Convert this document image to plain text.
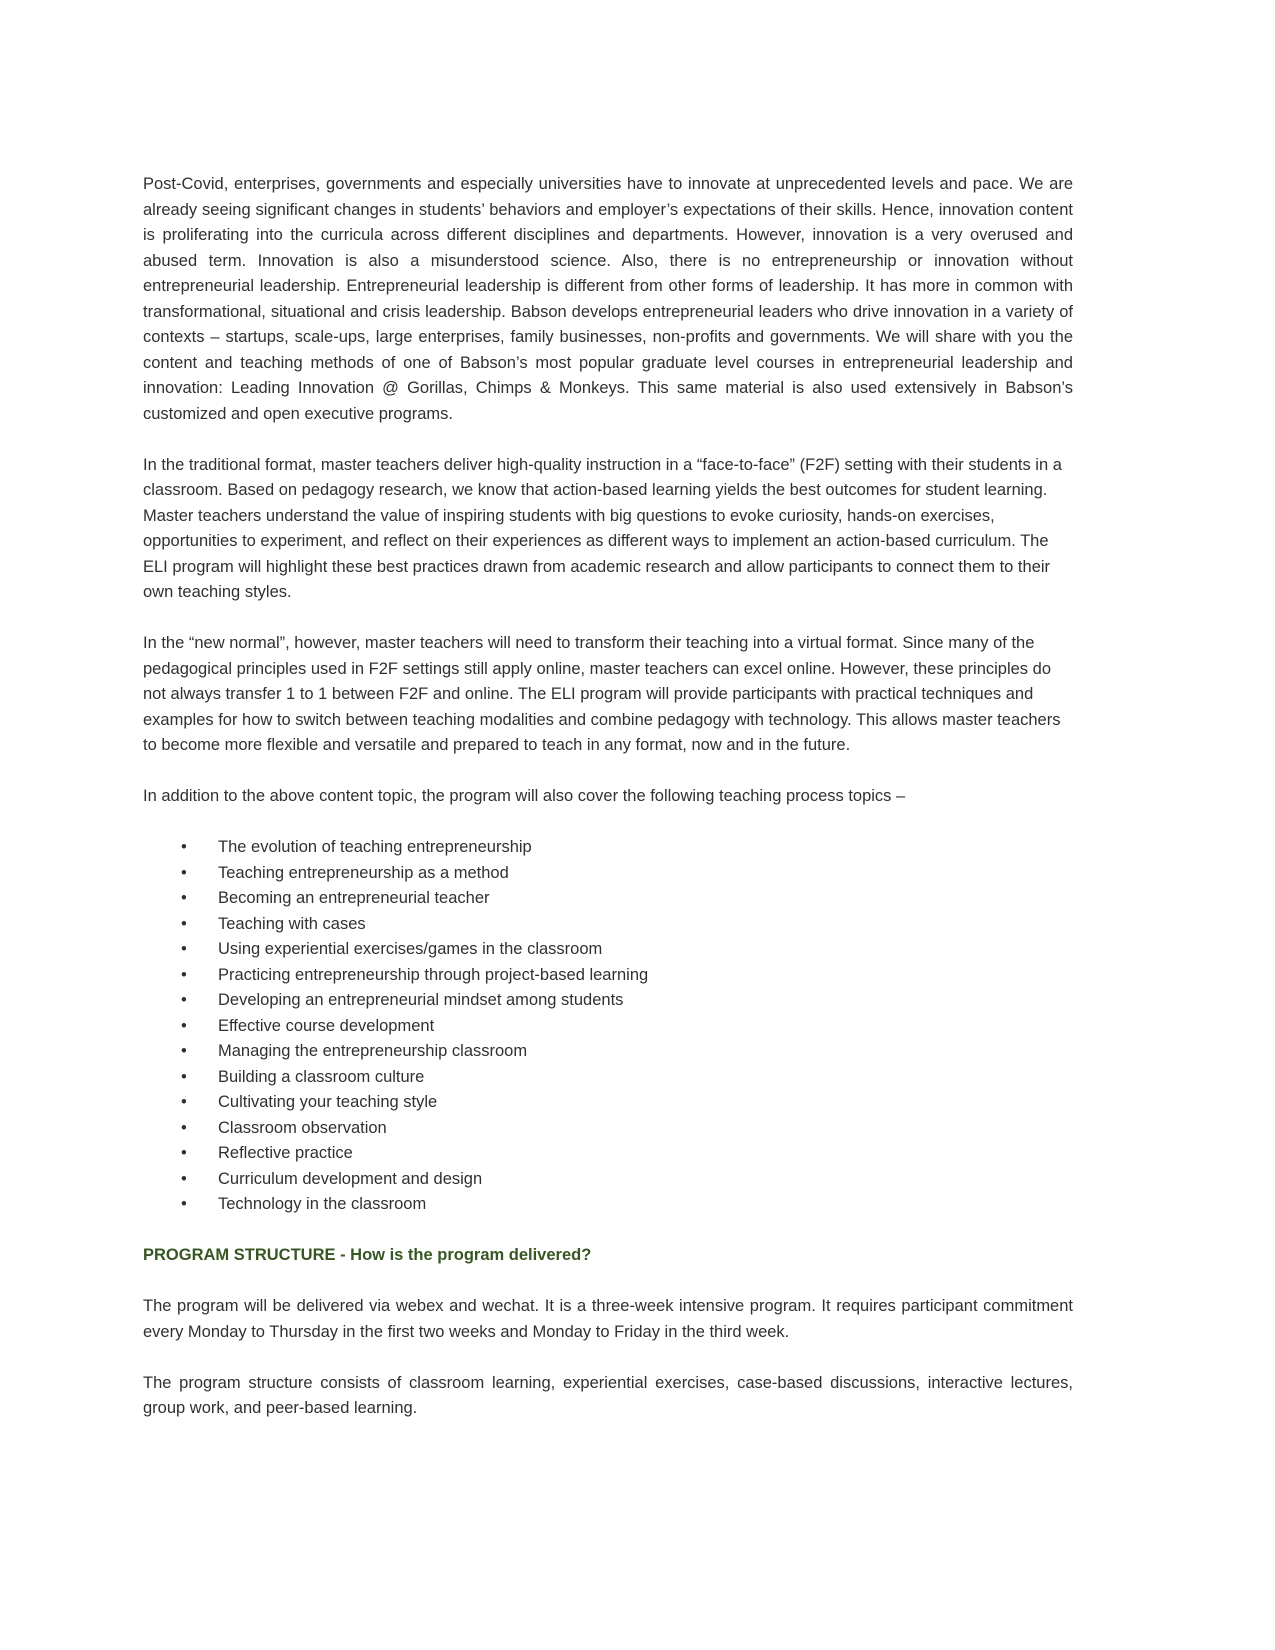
Post-Covid, enterprises, governments and especially universities have to innovate at unprecedented levels and pace. We are already seeing significant changes in students’ behaviors and employer’s expectations of their skills. Hence, innovation content is proliferating into the curricula across different disciplines and departments. However, innovation is a very overused and abused term. Innovation is also a misunderstood science. Also, there is no entrepreneurship or innovation without entrepreneurial leadership. Entrepreneurial leadership is different from other forms of leadership. It has more in common with transformational, situational and crisis leadership. Babson develops entrepreneurial leaders who drive innovation in a variety of contexts – startups, scale-ups, large enterprises, family businesses, non-profits and governments. We will share with you the content and teaching methods of one of Babson’s most popular graduate level courses in entrepreneurial leadership and innovation: Leading Innovation @ Gorillas, Chimps & Monkeys. This same material is also used extensively in Babson’s customized and open executive programs.

In the traditional format, master teachers deliver high-quality instruction in a “face-to-face” (F2F) setting with their students in a classroom. Based on pedagogy research, we know that action-based learning yields the best outcomes for student learning. Master teachers understand the value of inspiring students with big questions to evoke curiosity, hands-on exercises, opportunities to experiment, and reflect on their experiences as different ways to implement an action-based curriculum. The ELI program will highlight these best practices drawn from academic research and allow participants to connect them to their own teaching styles.

In the “new normal”, however, master teachers will need to transform their teaching into a virtual format. Since many of the pedagogical principles used in F2F settings still apply online, master teachers can excel online. However, these principles do not always transfer 1 to 1 between F2F and online. The ELI program will provide participants with practical techniques and examples for how to switch between teaching modalities and combine pedagogy with technology. This allows master teachers to become more flexible and versatile and prepared to teach in any format, now and in the future.

In addition to the above content topic, the program will also cover the following teaching process topics –

•	The evolution of teaching entrepreneurship
•	Teaching entrepreneurship as a method
•	Becoming an entrepreneurial teacher
•	Teaching with cases
•	Using experiential exercises/games in the classroom
•	Practicing entrepreneurship through project-based learning
•	Developing an entrepreneurial mindset among students
•	Effective course development
•	Managing the entrepreneurship classroom
•	Building a classroom culture
•	Cultivating your teaching style
•	Classroom observation
•	Reflective practice
•	Curriculum development and design
•	Technology in the classroom
PROGRAM STRUCTURE - How is the program delivered?

The program will be delivered via webex and wechat. It is a three-week intensive program. It requires participant commitment every Monday to Thursday in the first two weeks and Monday to Friday in the third week.

The program structure consists of classroom learning, experiential exercises, case-based discussions, interactive lectures, group work, and peer-based learning.
